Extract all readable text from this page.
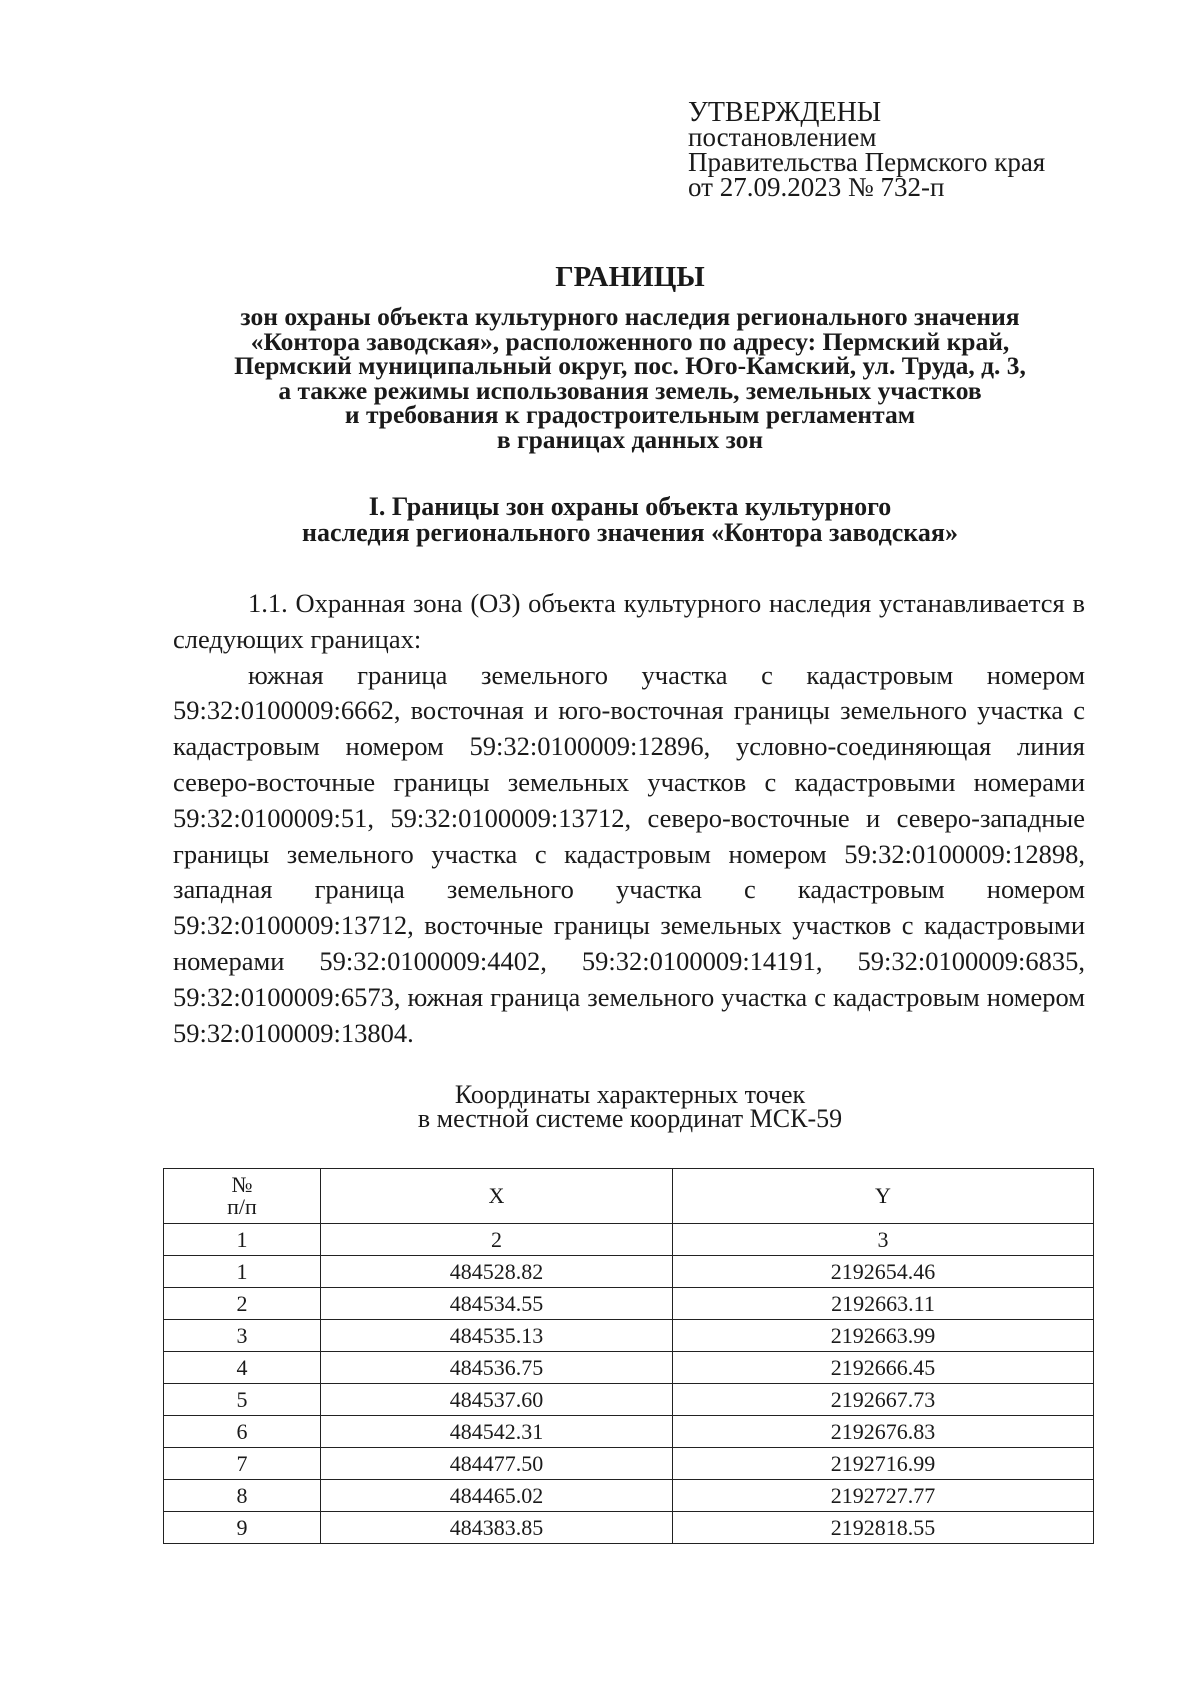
УТВЕРЖДЕНЫ
постановлением
Правительства Пермского края
от 27.09.2023 № 732-п
ГРАНИЦЫ
зон охраны объекта культурного наследия регионального значения
«Контора заводская», расположенного по адресу: Пермский край,
Пермский муниципальный округ, пос. Юго-Камский, ул. Труда, д. 3,
а также режимы использования земель, земельных участков
и требования к градостроительным регламентам
в границах данных зон
I. Границы зон охраны объекта культурного
наследия регионального значения «Контора заводская»

1.1. Охранная зона (ОЗ) объекта культурного наследия устанавливается в следующих границах:

южная граница земельного участка с кадастровым номером 59:32:0100009:6662, восточная и юго-восточная границы земельного участка с кадастровым номером 59:32:0100009:12896, условно-соединяющая линия северо-восточные границы земельных участков с кадастровыми номерами 59:32:0100009:51, 59:32:0100009:13712, северо-восточные и северо-западные границы земельного участка с кадастровым номером 59:32:0100009:12898, западная граница земельного участка с кадастровым номером 59:32:0100009:13712, восточные границы земельных участков с кадастровыми номерами 59:32:0100009:4402, 59:32:0100009:14191, 59:32:0100009:6835, 59:32:0100009:6573, южная граница земельного участка с кадастровым номером 59:32:0100009:13804.

Координаты характерных точек
в местной системе координат МСК-59
№
п/п	X	Y
1	2	3
1	484528.82	2192654.46
2	484534.55	2192663.11
3	484535.13	2192663.99
4	484536.75	2192666.45
5	484537.60	2192667.73
6	484542.31	2192676.83
7	484477.50	2192716.99
8	484465.02	2192727.77
9	484383.85	2192818.55
